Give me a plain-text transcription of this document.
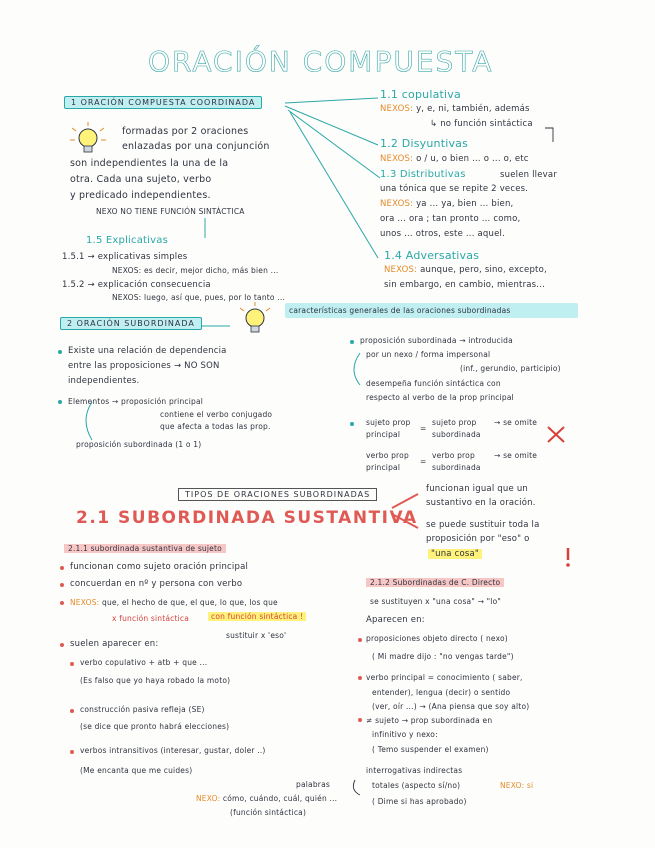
ORACIÓN COMPUESTA
1 ORACIÓN COMPUESTA COORDINADA
formadas por 2 oraciones
enlazadas por una conjunción
son independientes la una de la
otra. Cada una sujeto, verbo
y predicado independientes.
NEXO NO TIENE FUNCIÓN SINTÁCTICA
1.1 copulativa
NEXOS: y, e, ni, también, además
↳ no función sintáctica
1.2 Disyuntivas
NEXOS: o / u, o bien ... o ... o, etc
1.3 Distributivas	suelen llevar
una tónica que se repite 2 veces.
NEXOS: ya ... ya, bien ... bien,
ora ... ora ; tan pronto ... como,
unos ... otros, este ... aquel.
1.4 Adversativas
NEXOS: aunque, pero, sino, excepto,
sin embargo, en cambio, mientras...
1.5 Explicativas
1.5.1 → explicativas simples
NEXOS: es decir, mejor dicho, más bien ...
1.5.2 → explicación consecuencia
NEXOS: luego, así que, pues, por lo tanto ...
2 ORACIÓN SUBORDINADA
características generales de las oraciones subordinadas
Existe una relación de dependencia
entre las proposiciones → NO SON
independientes.
Elementos → proposición principal
contiene el verbo conjugado
que afecta a todas las prop.
proposición subordinada (1 o 1)
proposición subordinada → introducida
por un nexo / forma impersonal
(inf., gerundio, participio)
desempeña función sintáctica con
respecto al verbo de la prop principal
sujeto prop
principal
=
sujeto prop
subordinada
→ se omite
verbo prop
principal
=
verbo prop
subordinada
→ se omite
TIPOS DE ORACIONES SUBORDINADAS
2.1 SUBORDINADA SUSTANTIVA
funcionan igual que un
sustantivo en la oración.
se puede sustituir toda la
proposición por "eso" o
"una cosa"
2.1.1 subordinada sustantiva de sujeto
funcionan como sujeto oración principal
concuerdan en nº y persona con verbo
NEXOS: que, el hecho de que, el que, lo que, los que
x función sintáctica	con función sintáctica !
sustituir x 'eso'
suelen aparecer en:
verbo copulativo + atb + que ...
(Es falso que yo haya robado la moto)
construcción pasiva refleja (SE)
(se dice que pronto habrá elecciones)
verbos intransitivos (interesar, gustar, doler ..)
(Me encanta que me cuides)
palabras
NEXO: cómo, cuándo, cuál, quién ...
(función sintáctica)
2.1.2 Subordinadas de C. Directo
se sustituyen x "una cosa" → "lo"
Aparecen en:
proposiciones objeto directo ( nexo)
( Mi madre dijo : "no vengas tarde")
verbo principal = conocimiento ( saber,
entender), lengua (decir) o sentido
(ver, oír ...) → (Ana piensa que soy alto)
≠ sujeto → prop subordinada en
infinitivo y nexo:
( Temo suspender el examen)
interrogativas indirectas
totales (aspecto sí/no)	NEXO: si
( Dime si has aprobado)
